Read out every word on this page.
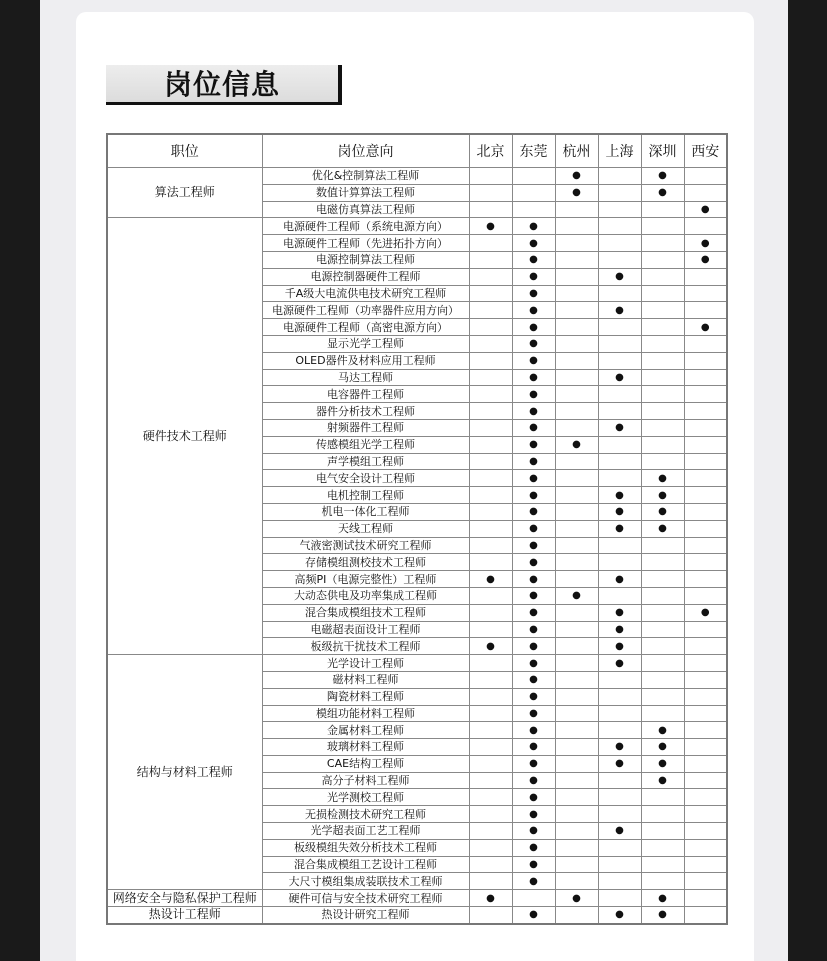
岗位信息
职位	岗位意向	北京	东莞	杭州	上海	深圳	西安
算法工程师	优化&控制算法工程师			●		●	
	数值计算算法工程师			●		●	
	电磁仿真算法工程师						●
硬件技术工程师	电源硬件工程师（系统电源方向）	●	●				
	电源硬件工程师（先进拓扑方向）		●				●
	电源控制算法工程师		●				●
	电源控制器硬件工程师		●		●		
	千A级大电流供电技术研究工程师		●				
	电源硬件工程师（功率器件应用方向）		●		●		
	电源硬件工程师（高密电源方向）		●				●
	显示光学工程师		●				
	OLED器件及材料应用工程师		●				
	马达工程师		●		●		
	电容器件工程师		●				
	器件分析技术工程师		●				
	射频器件工程师		●		●		
	传感模组光学工程师		●	●			
	声学模组工程师		●				
	电气安全设计工程师		●			●	
	电机控制工程师		●		●	●	
	机电一体化工程师		●		●	●	
	天线工程师		●		●	●	
	气液密测试技术研究工程师		●				
	存储模组测校技术工程师		●				
	高频PI（电源完整性）工程师	●	●		●		
	大动态供电及功率集成工程师		●	●			
	混合集成模组技术工程师		●		●		●
	电磁超表面设计工程师		●		●		
	板级抗干扰技术工程师	●	●		●		
结构与材料工程师	光学设计工程师		●		●		
	磁材料工程师		●				
	陶瓷材料工程师		●				
	模组功能材料工程师		●				
	金属材料工程师		●			●	
	玻璃材料工程师		●		●	●	
	CAE结构工程师		●		●	●	
	高分子材料工程师		●			●	
	光学测校工程师		●				
	无损检测技术研究工程师		●				
	光学超表面工艺工程师		●		●		
	板级模组失效分析技术工程师		●				
	混合集成模组工艺设计工程师		●				
	大尺寸模组集成装联技术工程师		●				
网络安全与隐私保护工程师	硬件可信与安全技术研究工程师	●		●		●	
热设计工程师	热设计研究工程师		●		●	●	
